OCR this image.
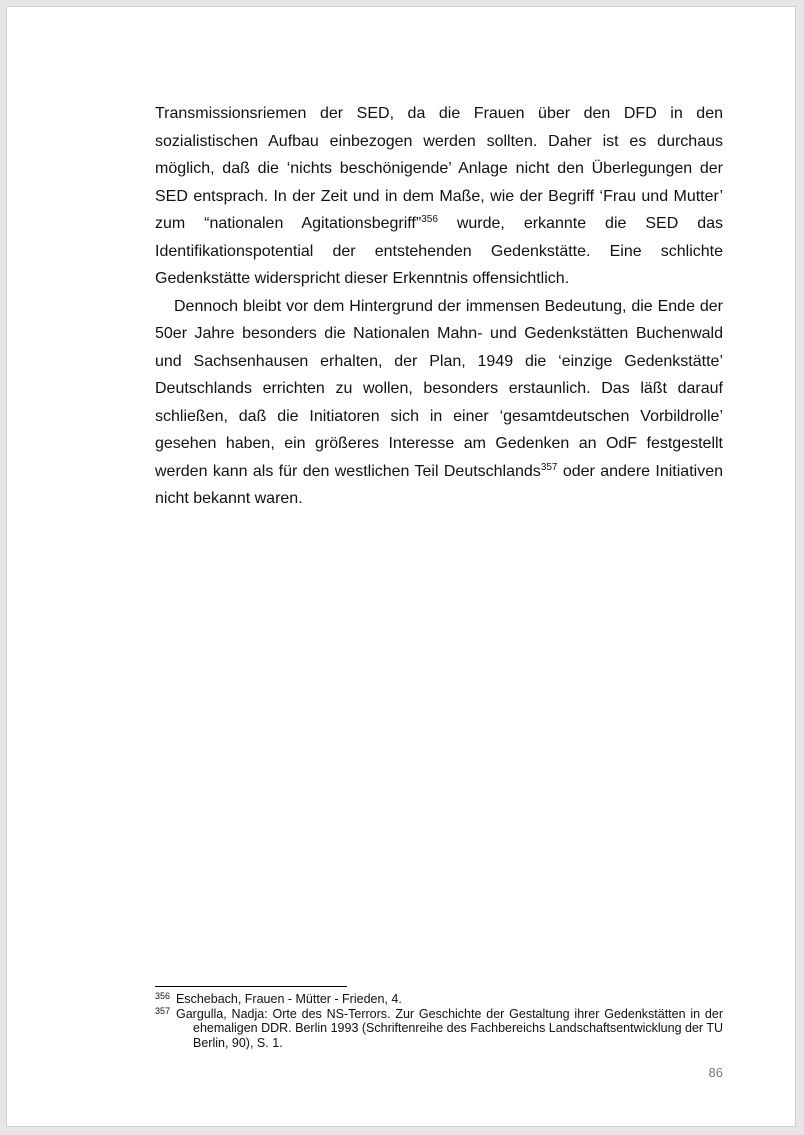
Transmissionsriemen der SED, da die Frauen über den DFD in den sozialistischen Aufbau einbezogen werden sollten. Daher ist es durchaus möglich, daß die ‘nichts beschönigende’ Anlage nicht den Überlegungen der SED entsprach. In der Zeit und in dem Maße, wie der Begriff ‘Frau und Mutter’ zum “nationalen Agitationsbegriff”$^{356}$ wurde, erkannte die SED das Identifikationspotential der entstehenden Gedenkstätte. Eine schlichte Gedenkstätte widerspricht dieser Erkenntnis offensichtlich.

Dennoch bleibt vor dem Hintergrund der immensen Bedeutung, die Ende der 50er Jahre besonders die Nationalen Mahn- und Gedenkstätten Buchenwald und Sachsenhausen erhalten, der Plan, 1949 die ‘einzige Gedenkstätte’ Deutschlands errichten zu wollen, besonders erstaunlich. Das läßt darauf schließen, daß die Initiatoren sich in einer ‘gesamtdeutschen Vorbildrolle’ gesehen haben, ein größeres Interesse am Gedenken an OdF festgestellt werden kann als für den westlichen Teil Deutschlands$^{357}$ oder andere Initiativen nicht bekannt waren.

356 Eschebach, Frauen - Mütter - Frieden, 4.
357 Gargulla, Nadja: Orte des NS-Terrors. Zur Geschichte der Gestaltung ihrer Gedenkstätten in der ehemaligen DDR. Berlin 1993 (Schriftenreihe des Fachbereichs Landschaftsentwicklung der TU Berlin, 90), S. 1.
86
